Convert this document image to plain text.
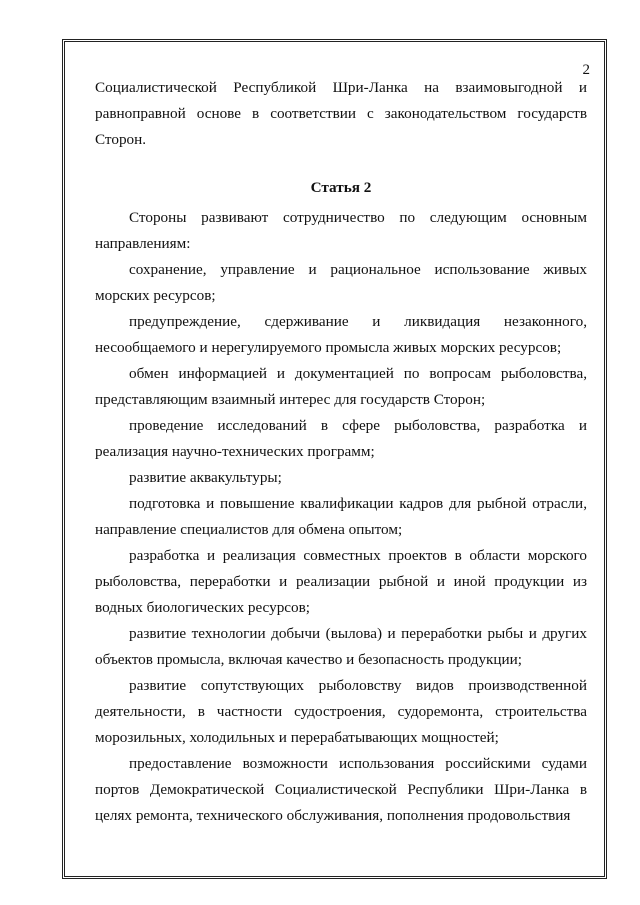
2

Социалистической Республикой Шри-Ланка на взаимовыгодной и равноправной основе в соответствии с законодательством государств Сторон.

Статья 2

Стороны развивают сотрудничество по следующим основным направлениям:

сохранение, управление и рациональное использование живых морских ресурсов;

предупреждение, сдерживание и ликвидация незаконного, несообщаемого и нерегулируемого промысла живых морских ресурсов;

обмен информацией и документацией по вопросам рыболовства, представляющим взаимный интерес для государств Сторон;

проведение исследований в сфере рыболовства, разработка и реализация научно-технических программ;

развитие аквакультуры;

подготовка и повышение квалификации кадров для рыбной отрасли, направление специалистов для обмена опытом;

разработка и реализация совместных проектов в области морского рыболовства, переработки и реализации рыбной и иной продукции из водных биологических ресурсов;

развитие технологии добычи (вылова) и переработки рыбы и других объектов промысла, включая качество и безопасность продукции;

развитие сопутствующих рыболовству видов производственной деятельности, в частности судостроения, судоремонта, строительства морозильных, холодильных и перерабатывающих мощностей;

предоставление возможности использования российскими судами портов Демократической Социалистической Республики Шри-Ланка в целях ремонта, технического обслуживания, пополнения продовольствия
